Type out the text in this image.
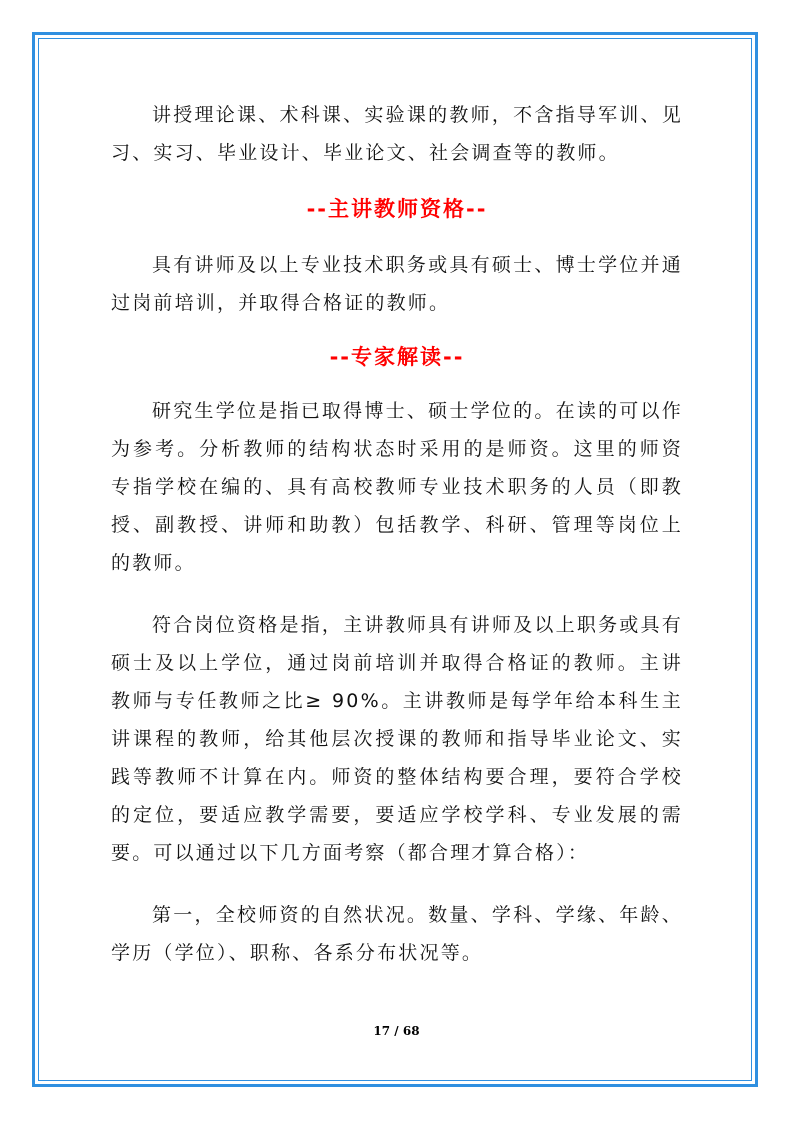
讲授理论课、术科课、实验课的教师，不含指导军训、见习、实习、毕业设计、毕业论文、社会调查等的教师。

--主讲教师资格--

具有讲师及以上专业技术职务或具有硕士、博士学位并通过岗前培训，并取得合格证的教师。

--专家解读--

研究生学位是指已取得博士、硕士学位的。在读的可以作为参考。分析教师的结构状态时采用的是师资。这里的师资专指学校在编的、具有高校教师专业技术职务的人员（即教授、副教授、讲师和助教）包括教学、科研、管理等岗位上的教师。

符合岗位资格是指，主讲教师具有讲师及以上职务或具有硕士及以上学位，通过岗前培训并取得合格证的教师。主讲教师与专任教师之比≥ 90%。主讲教师是每学年给本科生主讲课程的教师，给其他层次授课的教师和指导毕业论文、实践等教师不计算在内。师资的整体结构要合理，要符合学校的定位，要适应教学需要，要适应学校学科、专业发展的需要。可以通过以下几方面考察（都合理才算合格）：

第一，全校师资的自然状况。数量、学科、学缘、年龄、学历（学位）、职称、各系分布状况等。

17 / 68
